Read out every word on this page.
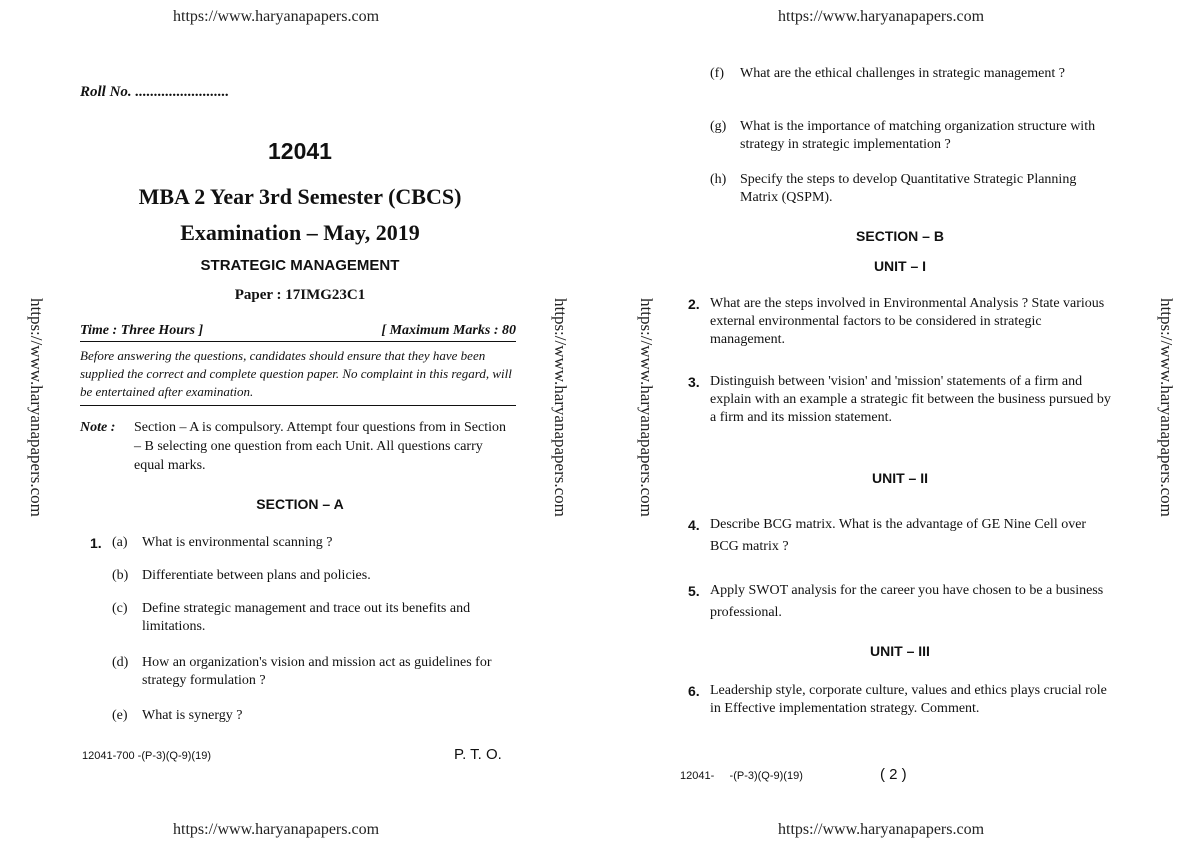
https://www.haryanapapers.com	https://www.haryanapapers.com
https://www.haryanapapers.com	https://www.haryanapapers.com
https://www.haryanapapers.com	https://www.haryanapapers.com	https://www.haryanapapers.com	https://www.haryanapapers.com
Roll No. .........................
12041
MBA 2 Year 3rd Semester (CBCS)
Examination – May, 2019
STRATEGIC MANAGEMENT
Paper : 17IMG23C1
Time : Three Hours ]	[ Maximum Marks : 80
Before answering the questions, candidates should ensure that they have been supplied the correct and complete question paper. No complaint in this regard, will be entertained after examination.
Note :	Section – A is compulsory. Attempt four questions from in Section – B selecting one question from each Unit. All questions carry equal marks.
SECTION – A
1. (a)	What is environmental scanning ?
(b) Differentiate between plans and policies.
(c)	Define strategic management and trace out its benefits and limitations.
(d) How an organization's vision and mission act as guidelines for strategy formulation ?
(e)	What is synergy ?
12041-700 -(P-3)(Q-9)(19)	P. T. O.
(f)	What are the ethical challenges in strategic management ?
(g) What is the importance of matching organization structure with strategy in strategic implementation ?
(h) Specify the steps to develop Quantitative Strategic Planning Matrix (QSPM).
SECTION – B
UNIT – I
2. What are the steps involved in Environmental Analysis ? State various external environmental factors to be considered in strategic management.
3. Distinguish between 'vision' and 'mission' statements of a firm and explain with an example a strategic fit between the business pursued by a firm and its mission statement.
UNIT – II
4. Describe BCG matrix. What is the advantage of GE Nine Cell over BCG matrix ?
5. Apply SWOT analysis for the career you have chosen to be a business professional.
UNIT – III
6. Leadership style, corporate culture, values and ethics plays crucial role in Effective implementation strategy. Comment.
12041-     -(P-3)(Q-9)(19)	( 2 )
